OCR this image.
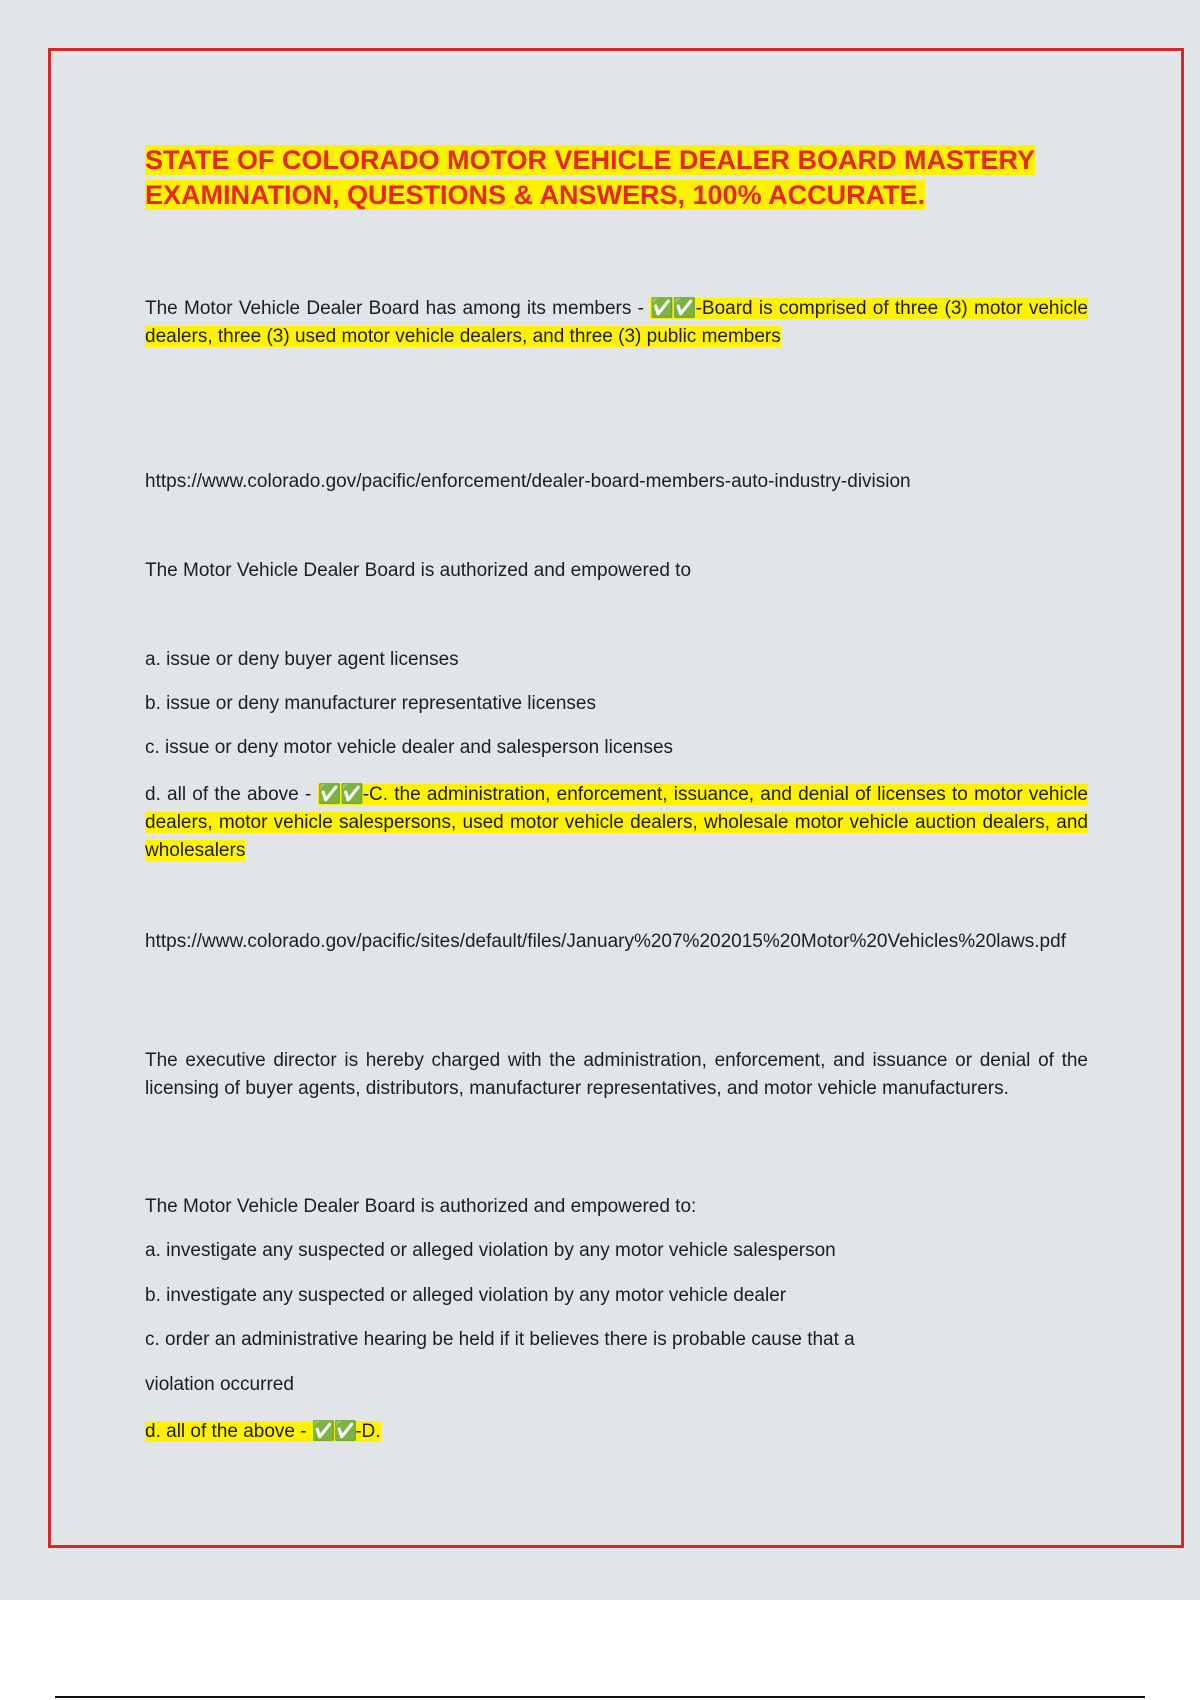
STATE OF COLORADO MOTOR VEHICLE DEALER BOARD MASTERY EXAMINATION, QUESTIONS & ANSWERS, 100% ACCURATE.

The Motor Vehicle Dealer Board has among its members - ✅✅-Board is comprised of three (3) motor vehicle dealers, three (3) used motor vehicle dealers, and three (3) public members

https://www.colorado.gov/pacific/enforcement/dealer-board-members-auto-industry-division

The Motor Vehicle Dealer Board is authorized and empowered to

a. issue or deny buyer agent licenses

b. issue or deny manufacturer representative licenses

c. issue or deny motor vehicle dealer and salesperson licenses

d. all of the above - ✅✅-C. the administration, enforcement, issuance, and denial of licenses to motor vehicle dealers, motor vehicle salespersons, used motor vehicle dealers, wholesale motor vehicle auction dealers, and wholesalers

https://www.colorado.gov/pacific/sites/default/files/January%207%202015%20Motor%20Vehicles%20laws.pdf

The executive director is hereby charged with the administration, enforcement, and issuance or denial of the licensing of buyer agents, distributors, manufacturer representatives, and motor vehicle manufacturers.

The Motor Vehicle Dealer Board is authorized and empowered to:

a. investigate any suspected or alleged violation by any motor vehicle salesperson

b. investigate any suspected or alleged violation by any motor vehicle dealer

c. order an administrative hearing be held if it believes there is probable cause that a

violation occurred

d. all of the above - ✅✅-D.
